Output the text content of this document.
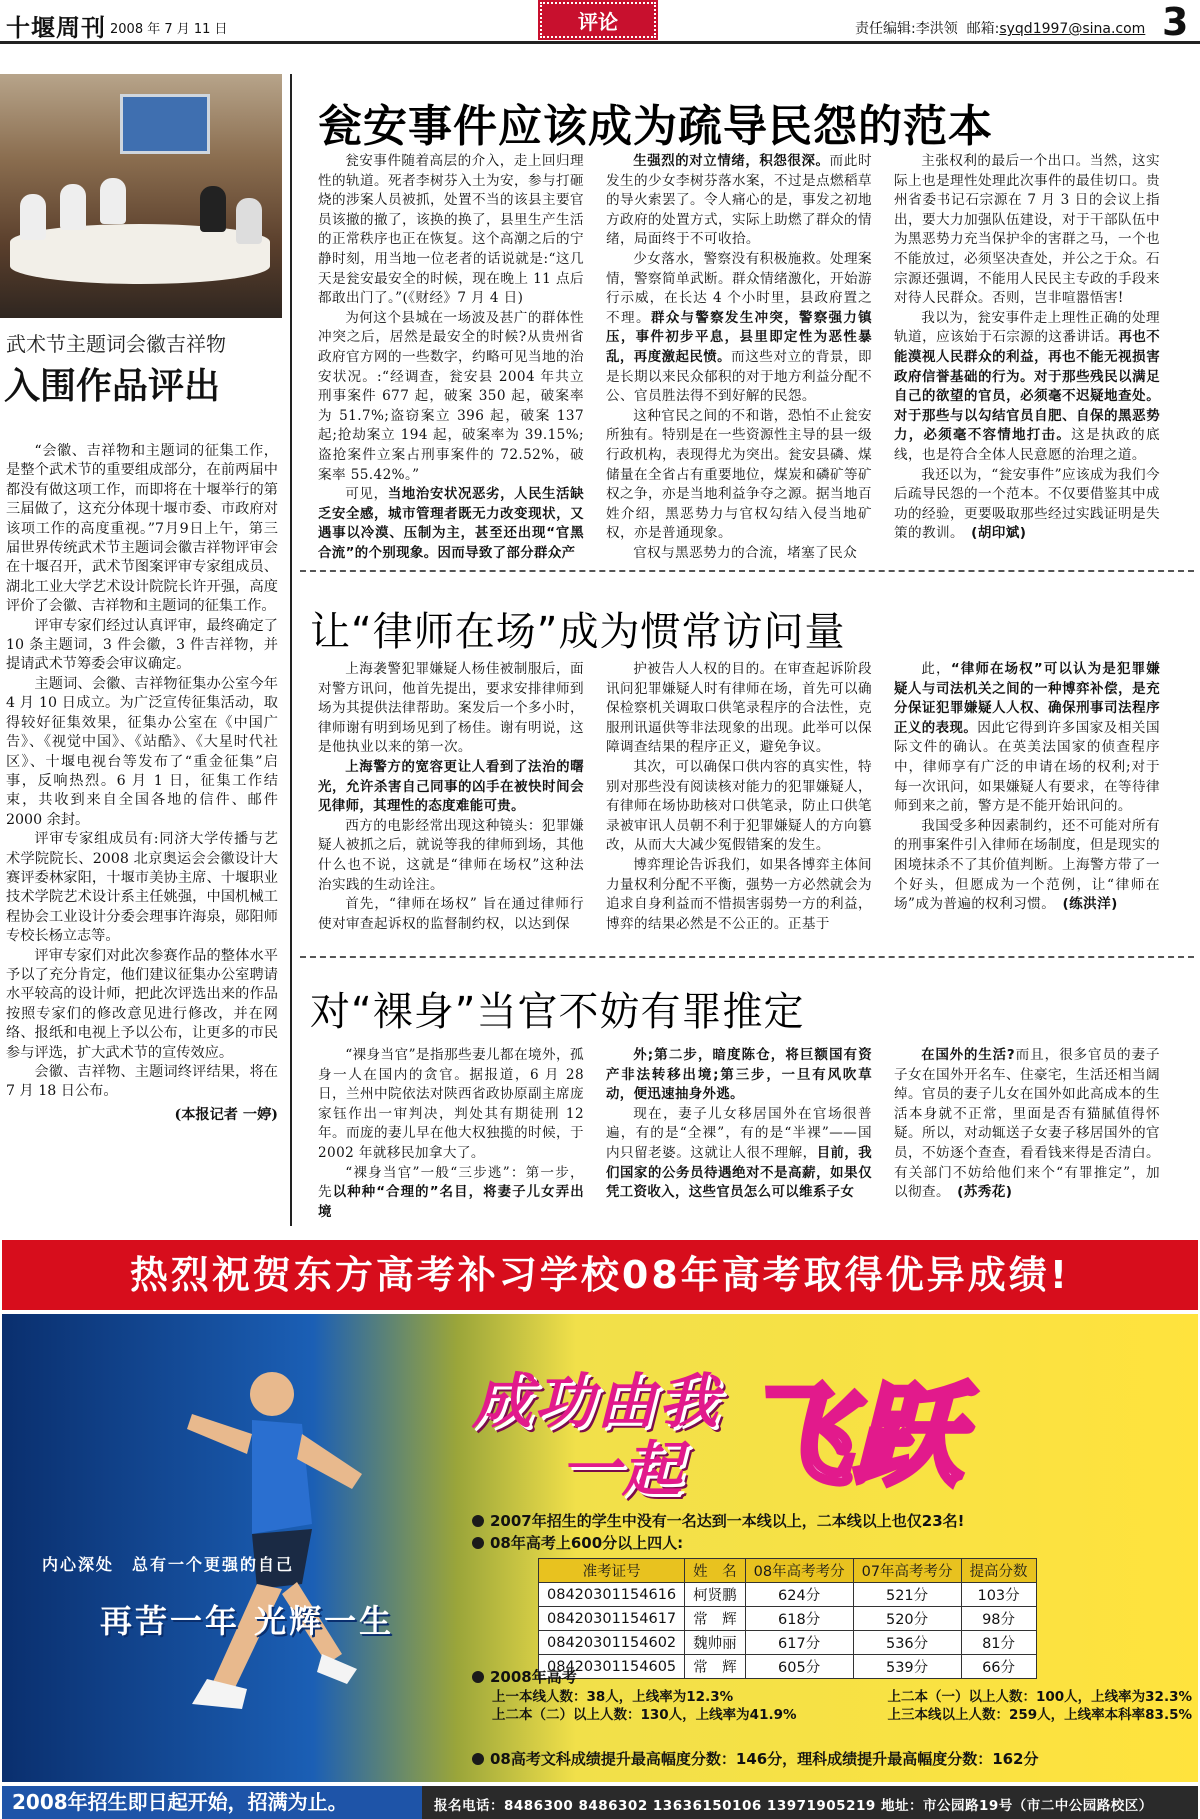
十堰周刊 2008 年 7 月 11 日	评论	责任编辑:李洪领 邮箱:syqd1997@sina.com 3
武术节主题词会徽吉祥物
入围作品评出

“会徽、吉祥物和主题词的征集工作，是整个武术节的重要组成部分，在前两届中都没有做这项工作，而即将在十堰举行的第三届做了，这充分体现十堰市委、市政府对该项工作的高度重视。”7月9日上午，第三届世界传统武术节主题词会徽吉祥物评审会在十堰召开，武术节图案评审专家组成员、湖北工业大学艺术设计院院长许开强，高度评价了会徽、吉祥物和主题词的征集工作。

评审专家们经过认真评审，最终确定了 10 条主题词，3 件会徽，3 件吉祥物，并提请武术节筹委会审议确定。

主题词、会徽、吉祥物征集办公室今年 4 月 10 日成立。为广泛宣传征集活动，取得较好征集效果，征集办公室在《中国广告》、《视觉中国》、《站酷》、《大星时代社区》、十堰电视台等发布了“重金征集”启事，反响热烈。6 月 1 日，征集工作结束，共收到来自全国各地的信件、邮件 2000 余封。

评审专家组成员有:同济大学传播与艺术学院院长、2008 北京奥运会会徽设计大赛评委林家阳，十堰市美协主席、十堰职业技术学院艺术设计系主任姚强，中国机械工程协会工业设计分委会理事许海泉，郧阳师专校长杨立志等。

评审专家们对此次参赛作品的整体水平予以了充分肯定，他们建议征集办公室聘请水平较高的设计师，把此次评选出来的作品按照专家们的修改意见进行修改，并在网络、报纸和电视上予以公布，让更多的市民参与评选，扩大武术节的宣传效应。

会徽、吉祥物、主题词终评结果，将在 7 月 18 日公布。

(本报记者 一婷)

瓮安事件应该成为疏导民怨的范本

瓮安事件随着高层的介入，走上回归理性的轨道。死者李树芬入土为安，参与打砸烧的涉案人员被抓，处置不当的该县主要官员该撤的撤了，该换的换了，县里生产生活的正常秩序也正在恢复。这个高潮之后的宁静时刻，用当地一位老者的话说就是:“这几天是瓮安最安全的时候，现在晚上 11 点后都敢出门了。”(《财经》7 月 4 日)

为何这个县城在一场波及甚广的群体性冲突之后，居然是最安全的时候?从贵州省政府官方网的一些数字，约略可见当地的治安状况。:“经调查，瓮安县 2004 年共立刑事案件 677 起，破案 350 起，破案率为 51.7%;盗窃案立 396 起，破案 137 起;抢劫案立 194 起，破案率为 39.15%;盗抢案件立案占刑事案件的 72.52%，破案率 55.42%。”

可见，当地治安状况恶劣，人民生活缺乏安全感，城市管理者既无力改变现状，又遇事以冷漠、压制为主，甚至还出现“官黑合流”的个别现象。因而导致了部分群众产

生强烈的对立情绪，积怨很深。而此时发生的少女李树芬落水案，不过是点燃稻草的导火索罢了。令人痛心的是，事发之初地方政府的处置方式，实际上助燃了群众的情绪，局面终于不可收拾。

少女落水，警察没有积极施救。处理案情，警察简单武断。群众情绪激化，开始游行示威，在长达 4 个小时里，县政府置之不理。群众与警察发生冲突，警察强力镇压，事件初步平息，县里即定性为恶性暴乱，再度激起民愤。而这些对立的背景，即是长期以来民众郁积的对于地方利益分配不公、官员胜法得不到好解的民怨。

这种官民之间的不和谐，恐怕不止瓮安所独有。特别是在一些资源性主导的县一级行政机构，表现得尤为突出。瓮安县磷、煤储量在全省占有重要地位，煤炭和磷矿等矿权之争，亦是当地利益争夺之源。据当地百姓介绍，黑恶势力与官权勾结入侵当地矿权，亦是普通现象。

官权与黑恶势力的合流，堵塞了民众

主张权利的最后一个出口。当然，这实际上也是理性处理此次事件的最佳切口。贵州省委书记石宗源在 7 月 3 日的会议上指出，要大力加强队伍建设，对于干部队伍中为黑恶势力充当保护伞的害群之马，一个也不能放过，必须坚决查处，并公之于众。石宗源还强调，不能用人民民主专政的手段来对待人民群众。否则，岂非喧嚣悟害!

我以为，瓮安事件走上理性正确的处理轨道，应该始于石宗源的这番讲话。再也不能漠视人民群众的利益，再也不能无视损害政府信誉基础的行为。对于那些残民以满足自己的欲望的官员，必须毫不迟疑地查处。对于那些与以勾结官员自肥、自保的黑恶势力，必须毫不容情地打击。这是执政的底线，也是符合全体人民意愿的治理之道。

我还以为，“瓮安事件”应该成为我们今后疏导民怨的一个范本。不仅要借鉴其中成功的经验，更要吸取那些经过实践证明是失策的教训。　(胡印斌)

让“律师在场”成为惯常访问量

上海袭警犯罪嫌疑人杨佳被制服后，面对警方讯问，他首先提出，要求安排律师到场为其提供法律帮助。案发后一个多小时，律师谢有明到场见到了杨佳。谢有明说，这是他执业以来的第一次。

上海警方的宽容更让人看到了法治的曙光，允许杀害自己同事的凶手在被快时间会见律师，其理性的态度难能可贵。

西方的电影经常出现这种镜头：犯罪嫌疑人被抓之后，就说等我的律师到场，其他什么也不说，这就是“律师在场权”这种法治实践的生动诠注。

首先，“律师在场权” 旨在通过律师行使对审查起诉权的监督制约权，以达到保

护被告人人权的目的。在审查起诉阶段讯问犯罪嫌疑人时有律师在场，首先可以确保检察机关调取口供笔录程序的合法性，克服刑讯逼供等非法现象的出现。此举可以保障调查结果的程序正义，避免争议。

其次，可以确保口供内容的真实性，特别对那些没有阅读核对能力的犯罪嫌疑人，有律师在场协助核对口供笔录，防止口供笔录被审讯人员朝不利于犯罪嫌疑人的方向篡改，从而大大减少冤假错案的发生。

博弈理论告诉我们，如果各博弈主体间力量权利分配不平衡，强势一方必然就会为追求自身利益而不惜损害弱势一方的利益，博弈的结果必然是不公正的。正基于

此，“律师在场权”可以认为是犯罪嫌疑人与司法机关之间的一种博弈补偿，是充分保证犯罪嫌疑人人权、确保刑事司法程序正义的表现。因此它得到许多国家及相关国际文件的确认。在英美法国家的侦查程序中，律师享有广泛的申请在场的权利;对于每一次讯问，如果嫌疑人有要求，在等待律师到来之前，警方是不能开始讯问的。

我国受多种因素制约，还不可能对所有的刑事案件引入律师在场制度，但是现实的困境抹杀不了其价值判断。上海警方带了一个好头，但愿成为一个范例，让“律师在场”成为普遍的权利习惯。　(练洪洋)

对“裸身”当官不妨有罪推定

“裸身当官”是指那些妻儿都在境外，孤身一人在国内的贪官。据报道，6 月 28 日，兰州中院依法对陕西省政协原副主席庞家钰作出一审判决，判处其有期徒刑 12 年。而庞的妻儿早在他大权独揽的时候，于 2002 年就移民加拿大了。

“裸身当官”一般“三步逃”：第一步，先以种种“合理的”名目，将妻子儿女弄出境

外;第二步，暗度陈仓，将巨额国有资产非法转移出境;第三步，一旦有风吹草动，便迅速抽身外逃。

现在，妻子儿女移居国外在官场很普遍，有的是“全裸”，有的是“半裸”——国内只留老婆。这就让人很不理解，目前，我们国家的公务员待遇绝对不是高薪，如果仅凭工资收入，这些官员怎么可以维系子女

在国外的生活?而且，很多官员的妻子子女在国外开名车、住豪宅，生活还相当阔绰。官员的妻子儿女在国外如此高成本的生活本身就不正常，里面是否有猫腻值得怀疑。所以，对动辄送子女妻子移居国外的官员，不妨逐个查查，看看钱来得是否清白。有关部门不妨给他们来个“有罪推定”，加以彻查。　(苏秀花)

热烈祝贺东方高考补习学校08年高考取得优异成绩!
内心深处　总有一个更强的自己
再苦一年 光辉一生
成功由我
一起 飞跃
2007年招生的学生中没有一名达到一本线以上，二本线以上也仅23名!
08年高考上600分以上四人:
准考证号	姓　名	08年高考考分	07年高考考分	提高分数
08420301154616	柯贤鹏	624分	521分	103分
08420301154617	常　辉	618分	520分	98分
08420301154602	魏帅丽	617分	536分	81分
08420301154605	常　辉	605分	539分	66分
2008年高考
上一本线人数：38人，上线率为12.3%	上二本（一）以上人数：100人，上线率为32.3%
上二本（二）以上人数：130人，上线率为41.9%	上三本线以上人数：259人，上线率本科率83.5%
08高考文科成绩提升最高幅度分数：146分，理科成绩提升最高幅度分数：162分
2008年招生即日起开始，招满为止。	报名电话：8486300 8486302 13636150106 13971905219 地址：市公园路19号（市二中公园路校区）
